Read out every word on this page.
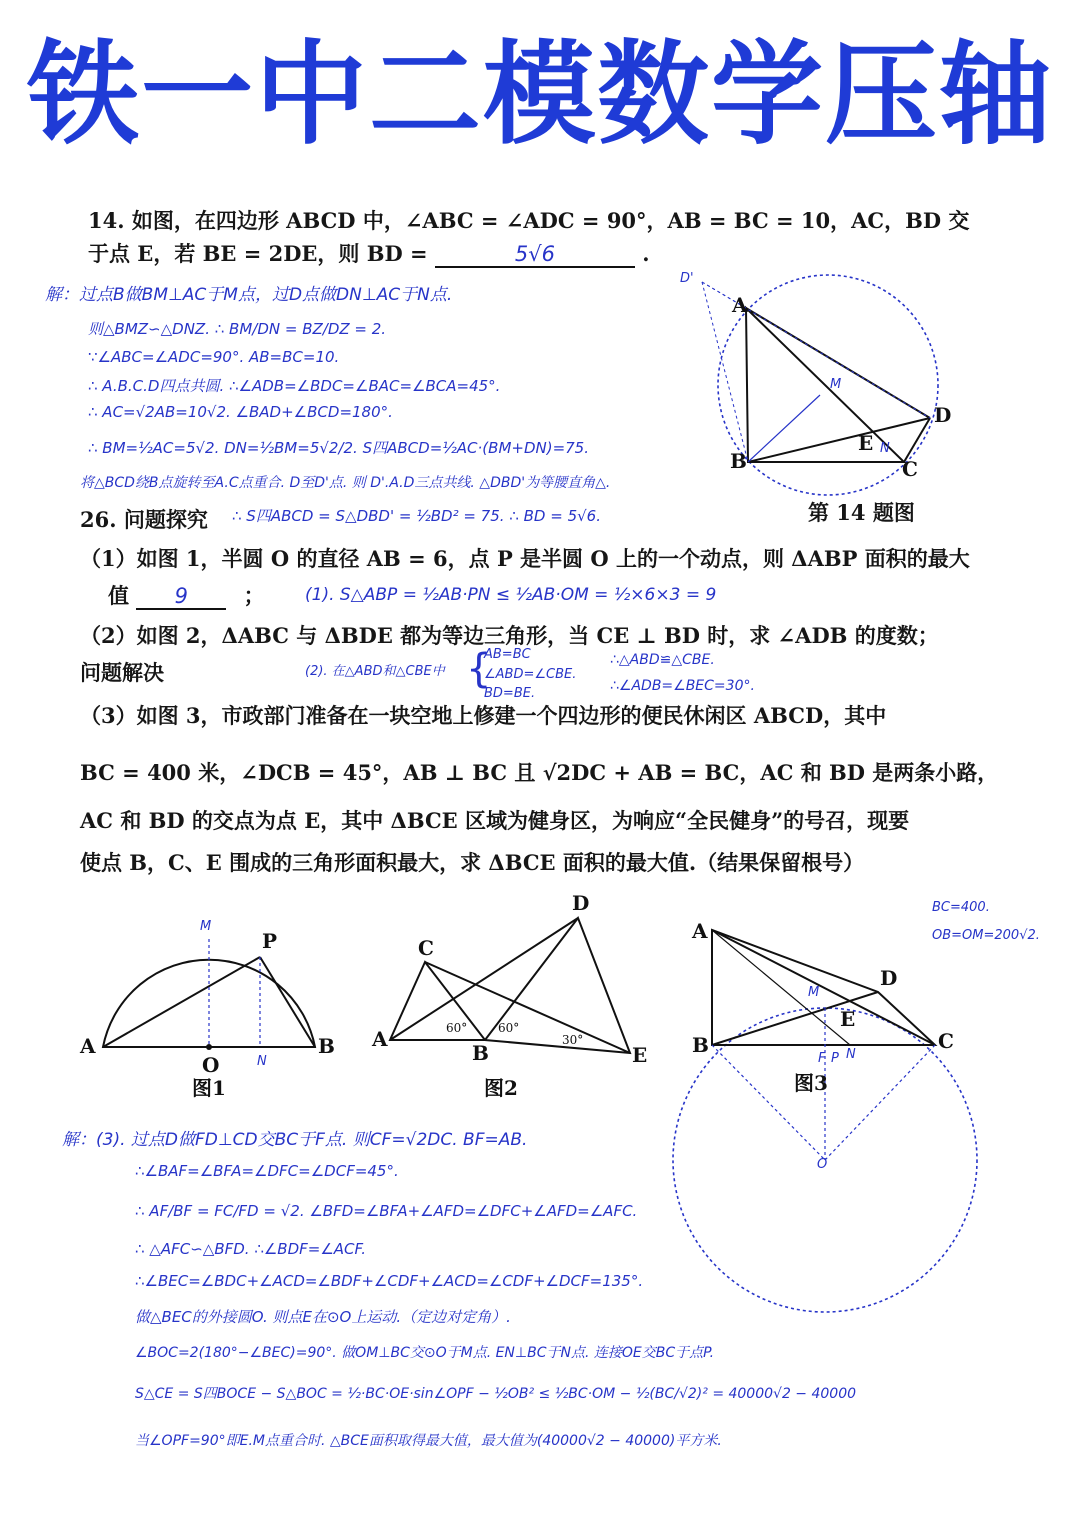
铁一中二模数学压轴
14. 如图，在四边形 ABCD 中，∠ABC = ∠ADC = 90°，AB = BC = 10，AC，BD 交
于点 E，若 BE = 2DE，则 BD =	5√6	.
解：过点B做BM⊥AC于M点，过D点做DN⊥AC于N点.
则△BMZ∽△DNZ. ∴ BM/DN = BZ/DZ = 2.
∵∠ABC=∠ADC=90°. AB=BC=10.
∴ A.B.C.D四点共圆. ∴∠ADB=∠BDC=∠BAC=∠BCA=45°.
∴ AC=√2AB=10√2. ∠BAD+∠BCD=180°.
∴ BM=½AC=5√2. DN=½BM=5√2/2. S四ABCD=½AC·(BM+DN)=75.
将△BCD绕B点旋转至A.C点重合. D至D'点. 则 D'.A.D三点共线. △DBD'为等腰直角△.
∴ S四ABCD = S△DBD' = ½BD² = 75. ∴ BD = 5√6.	第 14 题图
26. 问题探究
（1）如图 1，半圆 O 的直径 AB = 6，点 P 是半圆 O 上的一个动点，则 ΔABP 面积的最大
值 9	； (1). S△ABP = ½AB·PN ≤ ½AB·OM = ½×6×3 = 9
（2）如图 2，ΔABC 与 ΔBDE 都为等边三角形，当 CE ⊥ BD 时，求 ∠ADB 的度数；
问题解决	(2). 在△ABD和△CBE中 {
AB=BC
∠ABD=∠CBE.
BD=BE.
∴△ABD≌△CBE.
∴∠ADB=∠BEC=30°.
（3）如图 3，市政部门准备在一块空地上修建一个四边形的便民休闲区 ABCD，其中
BC = 400 米，∠DCB = 45°，AB ⊥ BC 且 √2DC + AB = BC，AC 和 BD 是两条小路，
AC 和 BD 的交点为点 E，其中 ΔBCE 区域为健身区，为响应“全民健身”的号召，现要
使点 B，C、E 围成的三角形面积最大，求 ΔBCE 面积的最大值.（结果保留根号）
BC=400.
OB=OM=200√2.
解：(3). 过点D做FD⊥CD交BC于F点. 则CF=√2DC. BF=AB.
∴∠BAF=∠BFA=∠DFC=∠DCF=45°.
∴ AF/BF = FC/FD = √2. ∠BFD=∠BFA+∠AFD=∠DFC+∠AFD=∠AFC.
∴ △AFC∽△BFD. ∴∠BDF=∠ACF.
∴∠BEC=∠BDC+∠ACD=∠BDF+∠CDF+∠ACD=∠CDF+∠DCF=135°.
做△BEC的外接圆O. 则点E在⊙O上运动.（定边对定角）.
∠BOC=2(180°−∠BEC)=90°. 做OM⊥BC交⊙O于M点. EN⊥BC于N点. 连接OE交BC于点P.
S△CE = S四BOCE − S△BOC = ½·BC·OE·sin∠OPF − ½OB² ≤ ½BC·OM − ½(BC/√2)² = 40000√2 − 40000
当∠OPF=90°即E.M点重合时. △BCE面积取得最大值，最大值为(40000√2 − 40000)平方米.
A
B	C
D
E
D'
M
N
A	B
O
P
M
N
图1
A
B
C
D
E
60°	60°
30°
图2
A
B	C
D
E
M
F P N
O
图3
